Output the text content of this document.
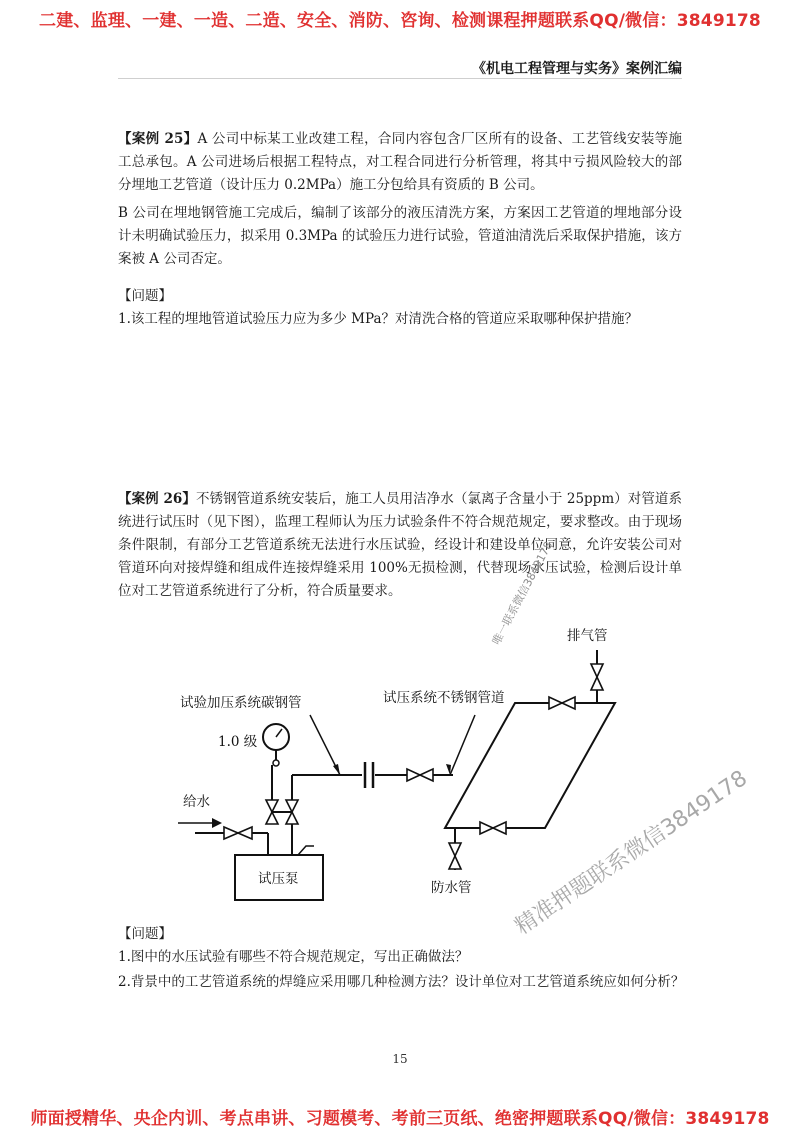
二建、监理、一建、一造、二造、安全、消防、咨询、检测课程押题联系QQ/微信：3849178
《机电工程管理与实务》案例汇编

【案例 25】A 公司中标某工业改建工程，合同内容包含厂区所有的设备、工艺管线安装等施工总承包。A 公司进场后根据工程特点，对工程合同进行分析管理，将其中亏损风险较大的部分埋地工艺管道（设计压力 0.2MPa）施工分包给具有资质的 B 公司。

B 公司在埋地钢管施工完成后，编制了该部分的液压清洗方案，方案因工艺管道的埋地部分设计未明确试验压力，拟采用 0.3MPa 的试验压力进行试验，管道油清洗后采取保护措施，该方案被 A 公司否定。

【问题】
1.该工程的埋地管道试验压力应为多少 MPa？对清洗合格的管道应采取哪种保护措施？

【案例 26】不锈钢管道系统安装后，施工人员用洁净水（氯离子含量小于 25ppm）对管道系统进行试压时（见下图），监理工程师认为压力试验条件不符合规范规定，要求整改。由于现场条件限制，有部分工艺管道系统无法进行水压试验，经设计和建设单位同意，允许安装公司对管道环向对接焊缝和组成件连接焊缝采用 100%无损检测，代替现场水压试验，检测后设计单位对工艺管道系统进行了分析，符合质量要求。

试验加压系统碳钢管
1.0 级
给水
试压泵
试压系统不锈钢管道
排气管
防水管
【问题】
1.图中的水压试验有哪些不符合规范规定，写出正确做法？
2.背景中的工艺管道系统的焊缝应采用哪几种检测方法？设计单位对工艺管道系统应如何分析？
15
唯一联系微信3849178
精准押题联系微信3849178
师面授精华、央企内训、考点串讲、习题模考、考前三页纸、绝密押题联系QQ/微信：3849178
